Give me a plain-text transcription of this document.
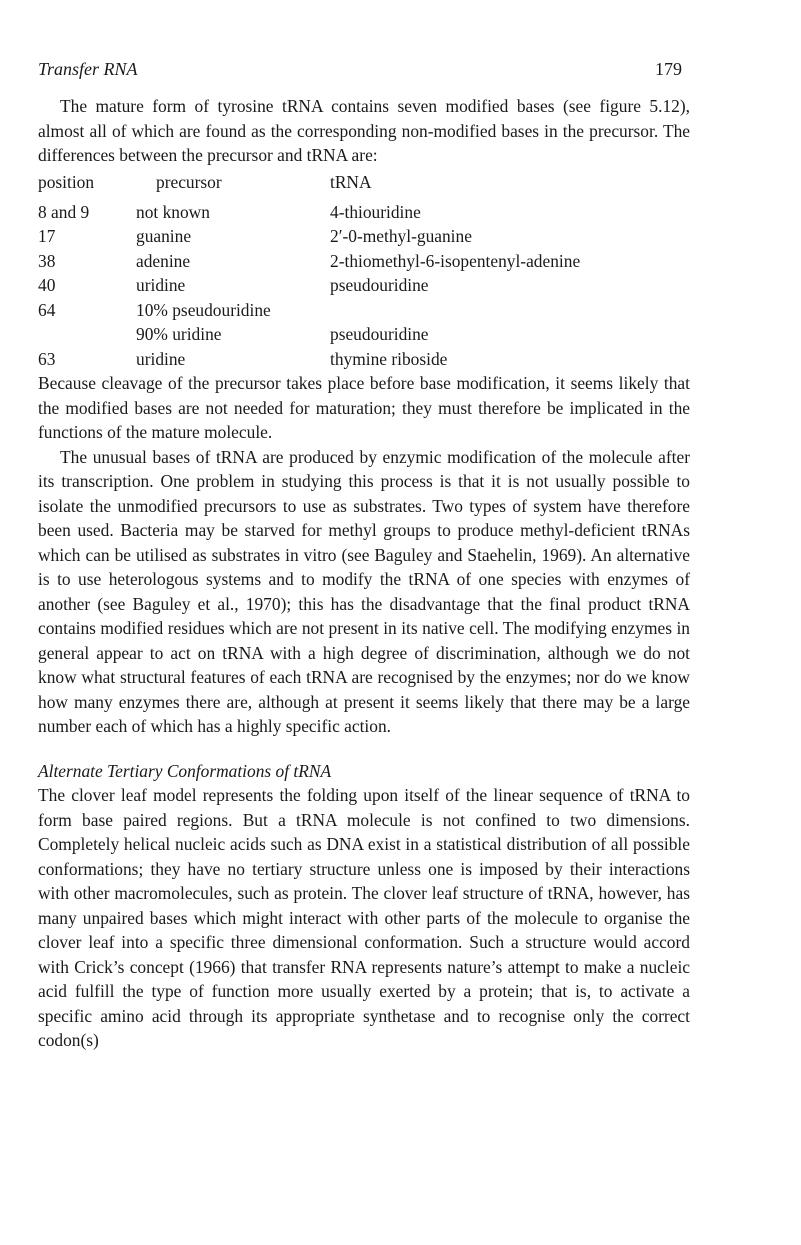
Transfer RNA	179

The mature form of tyrosine tRNA contains seven modified bases (see figure 5.12), almost all of which are found as the corresponding non-modified bases in the precursor. The differences between the precursor and tRNA are:

position	precursor	tRNA
8 and 9	not known	4-thiouridine
17	guanine	2′-0-methyl-guanine
38	adenine	2-thiomethyl-6-isopentenyl-adenine
40	uridine	pseudouridine
64	10% pseudouridine	
	90% uridine	pseudouridine
63	uridine	thymine riboside

Because cleavage of the precursor takes place before base modification, it seems likely that the modified bases are not needed for maturation; they must therefore be implicated in the functions of the mature molecule.

The unusual bases of tRNA are produced by enzymic modification of the molecule after its transcription. One problem in studying this process is that it is not usually possible to isolate the unmodified precursors to use as substrates. Two types of system have therefore been used. Bacteria may be starved for methyl groups to produce methyl-deficient tRNAs which can be utilised as substrates in vitro (see Baguley and Staehelin, 1969). An alternative is to use heterologous systems and to modify the tRNA of one species with enzymes of another (see Baguley et al., 1970); this has the disadvantage that the final product tRNA contains modified residues which are not present in its native cell. The modifying enzymes in general appear to act on tRNA with a high degree of discrimination, although we do not know what structural features of each tRNA are recognised by the enzymes; nor do we know how many enzymes there are, although at present it seems likely that there may be a large number each of which has a highly specific action.

Alternate Tertiary Conformations of tRNA

The clover leaf model represents the folding upon itself of the linear sequence of tRNA to form base paired regions. But a tRNA molecule is not confined to two dimensions. Completely helical nucleic acids such as DNA exist in a statistical distribution of all possible conformations; they have no tertiary structure unless one is imposed by their interactions with other macromolecules, such as protein. The clover leaf structure of tRNA, however, has many unpaired bases which might interact with other parts of the molecule to organise the clover leaf into a specific three dimensional conformation. Such a structure would accord with Crick’s concept (1966) that transfer RNA represents nature’s attempt to make a nucleic acid fulfill the type of function more usually exerted by a protein; that is, to activate a specific amino acid through its appropriate synthetase and to recognise only the correct codon(s)
